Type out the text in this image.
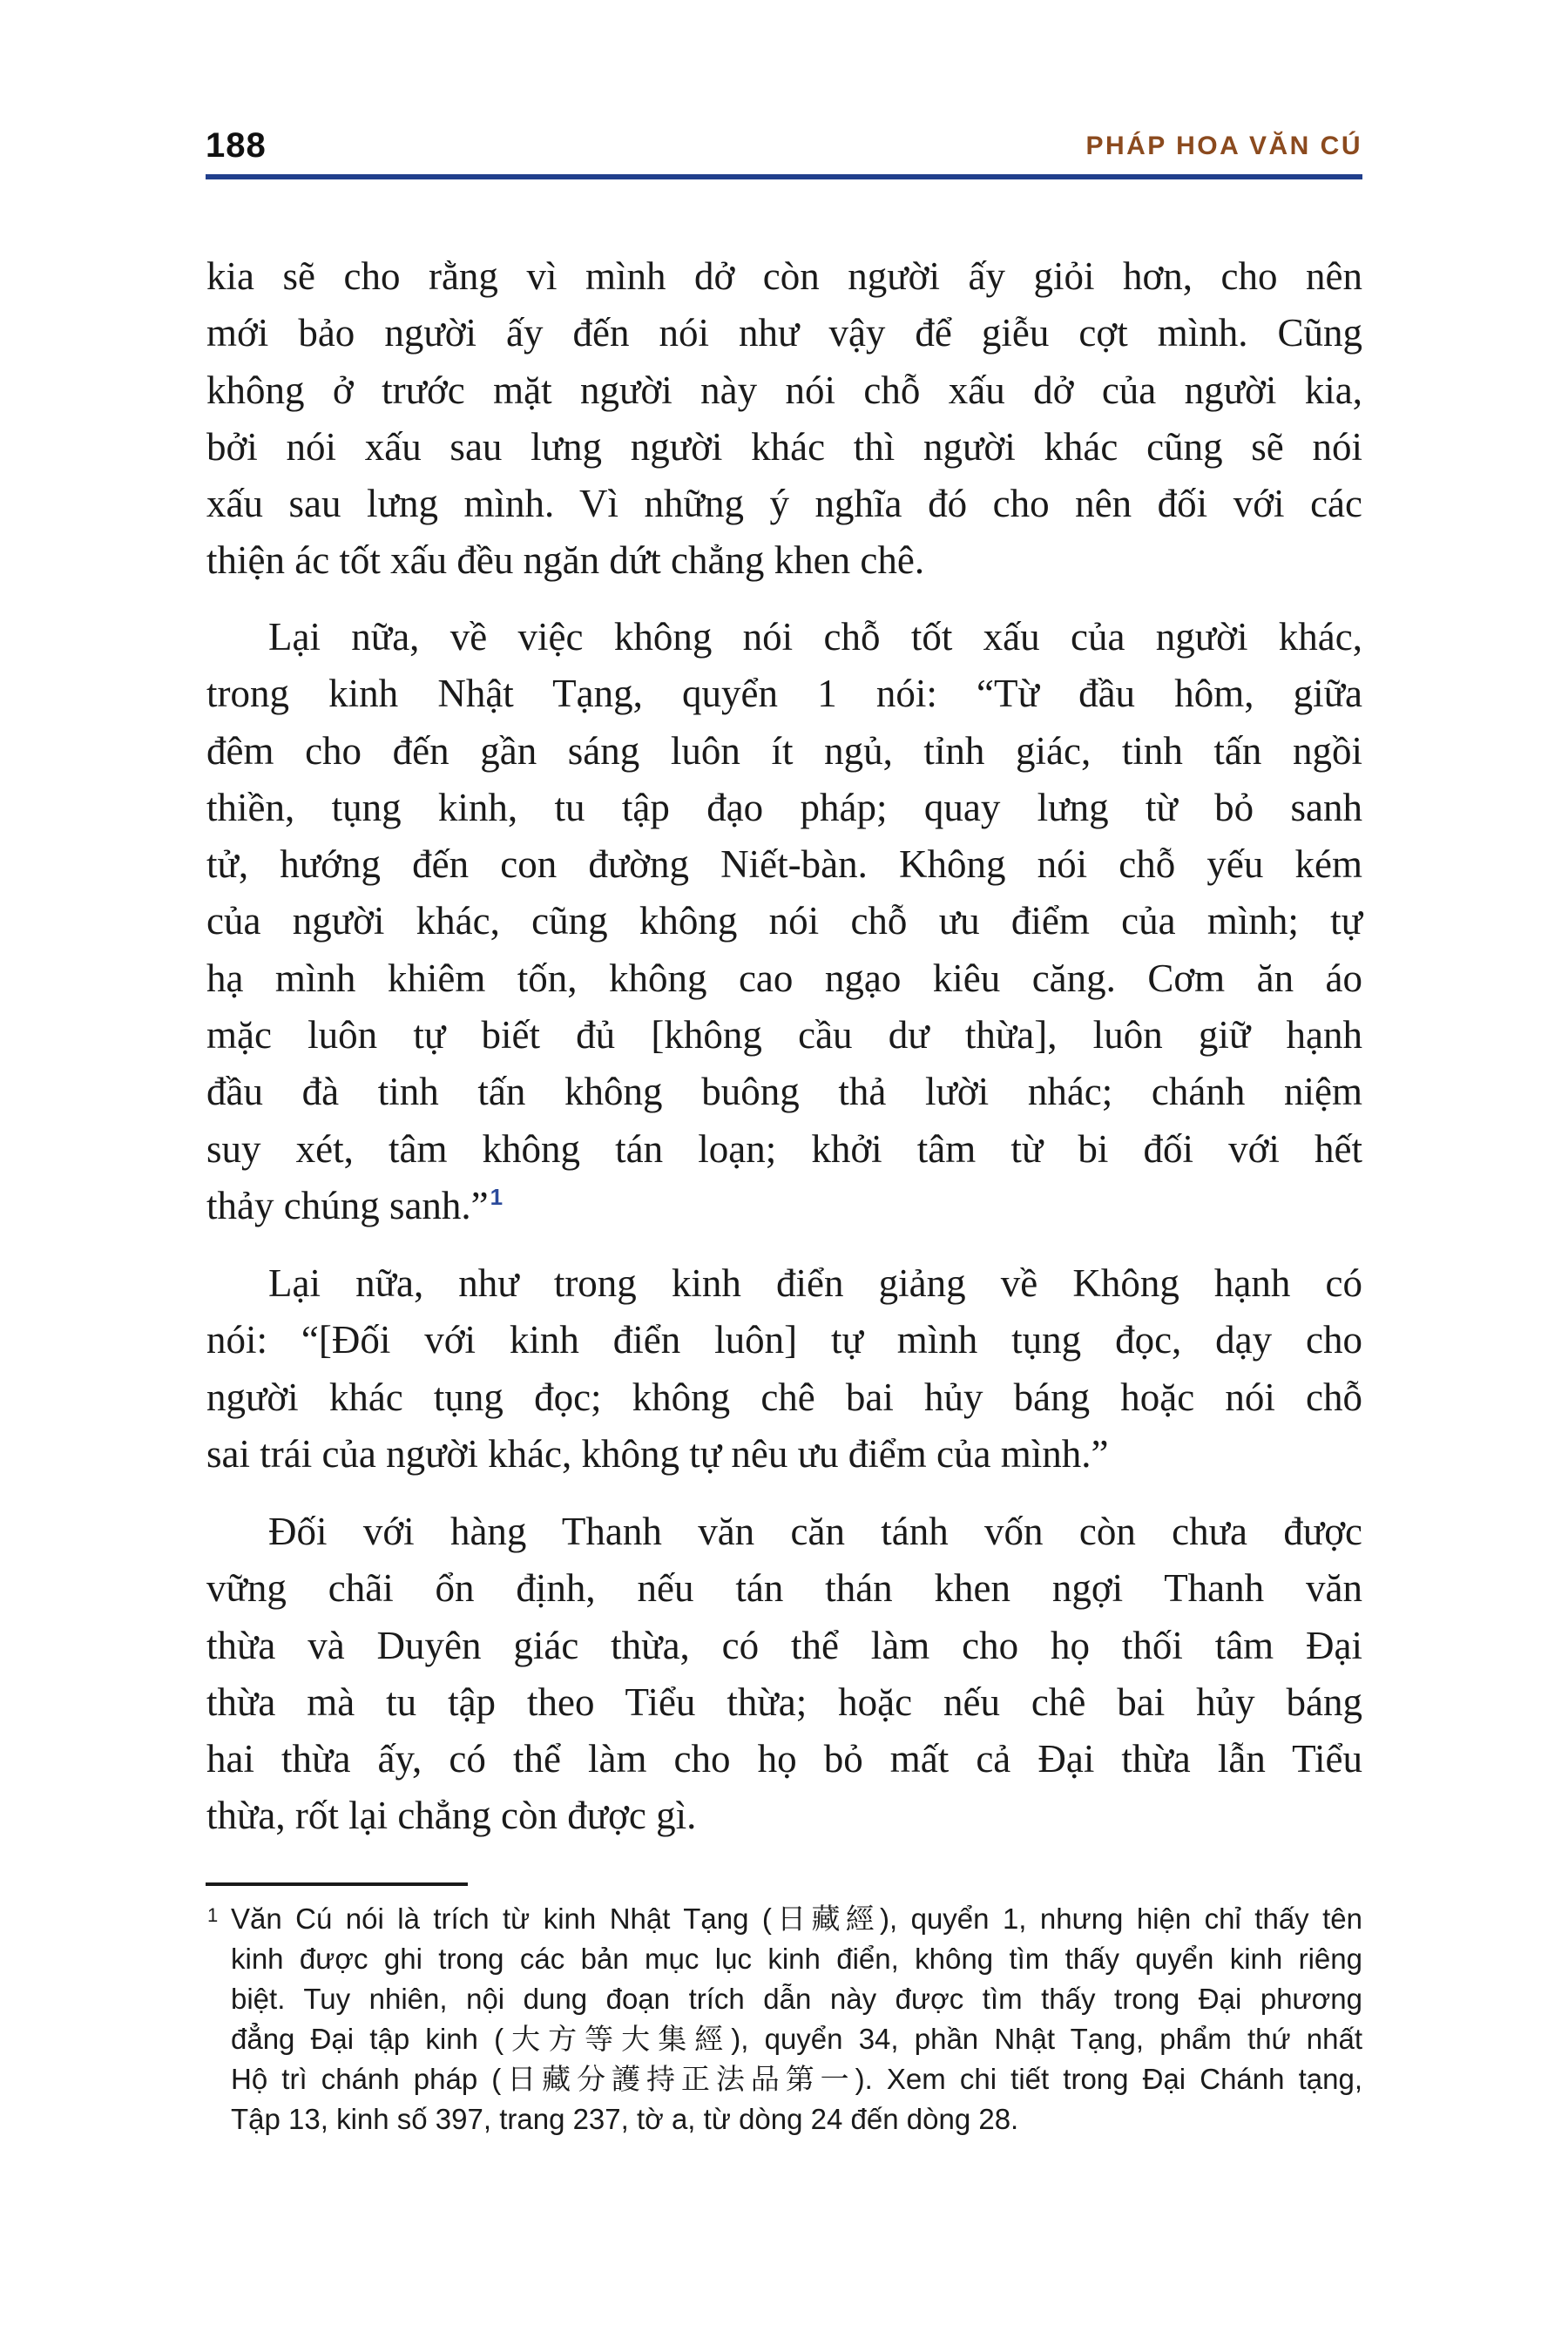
188	PHÁP HOA VĂN CÚ
kia sẽ cho rằng vì mình dở còn người ấy giỏi hơn, cho nên
mới bảo người ấy đến nói như vậy để giễu cợt mình. Cũng
không ở trước mặt người này nói chỗ xấu dở của người kia,
bởi nói xấu sau lưng người khác thì người khác cũng sẽ nói
xấu sau lưng mình. Vì những ý nghĩa đó cho nên đối với các
thiện ác tốt xấu đều ngăn dứt chẳng khen chê.
Lại nữa, về việc không nói chỗ tốt xấu của người khác,
trong kinh Nhật Tạng, quyển 1 nói: “Từ đầu hôm, giữa
đêm cho đến gần sáng luôn ít ngủ, tỉnh giác, tinh tấn ngồi
thiền, tụng kinh, tu tập đạo pháp; quay lưng từ bỏ sanh
tử, hướng đến con đường Niết-bàn. Không nói chỗ yếu kém
của người khác, cũng không nói chỗ ưu điểm của mình; tự
hạ mình khiêm tốn, không cao ngạo kiêu căng. Cơm ăn áo
mặc luôn tự biết đủ [không cầu dư thừa], luôn giữ hạnh
đầu đà tinh tấn không buông thả lười nhác; chánh niệm
suy xét, tâm không tán loạn; khởi tâm từ bi đối với hết
thảy chúng sanh.”$^1$
Lại nữa, như trong kinh điển giảng về Không hạnh có
nói: “[Đối với kinh điển luôn] tự mình tụng đọc, dạy cho
người khác tụng đọc; không chê bai hủy báng hoặc nói chỗ
sai trái của người khác, không tự nêu ưu điểm của mình.”
Đối với hàng Thanh văn căn tánh vốn còn chưa được
vững chãi ổn định, nếu tán thán khen ngợi Thanh văn
thừa và Duyên giác thừa, có thể làm cho họ thối tâm Đại
thừa mà tu tập theo Tiểu thừa; hoặc nếu chê bai hủy báng
hai thừa ấy, có thể làm cho họ bỏ mất cả Đại thừa lẫn Tiểu
thừa, rốt lại chẳng còn được gì.
1 Văn Cú nói là trích từ kinh Nhật Tạng (日藏經), quyển 1, nhưng hiện chỉ thấy tên
kinh được ghi trong các bản mục lục kinh điển, không tìm thấy quyển kinh riêng
biệt. Tuy nhiên, nội dung đoạn trích dẫn này được tìm thấy trong Đại phương
đẳng Đại tập kinh (大方等大集經), quyển 34, phần Nhật Tạng, phẩm thứ nhất
Hộ trì chánh pháp (日藏分護持正法品第一). Xem chi tiết trong Đại Chánh tạng,
Tập 13, kinh số 397, trang 237, tờ a, từ dòng 24 đến dòng 28.
